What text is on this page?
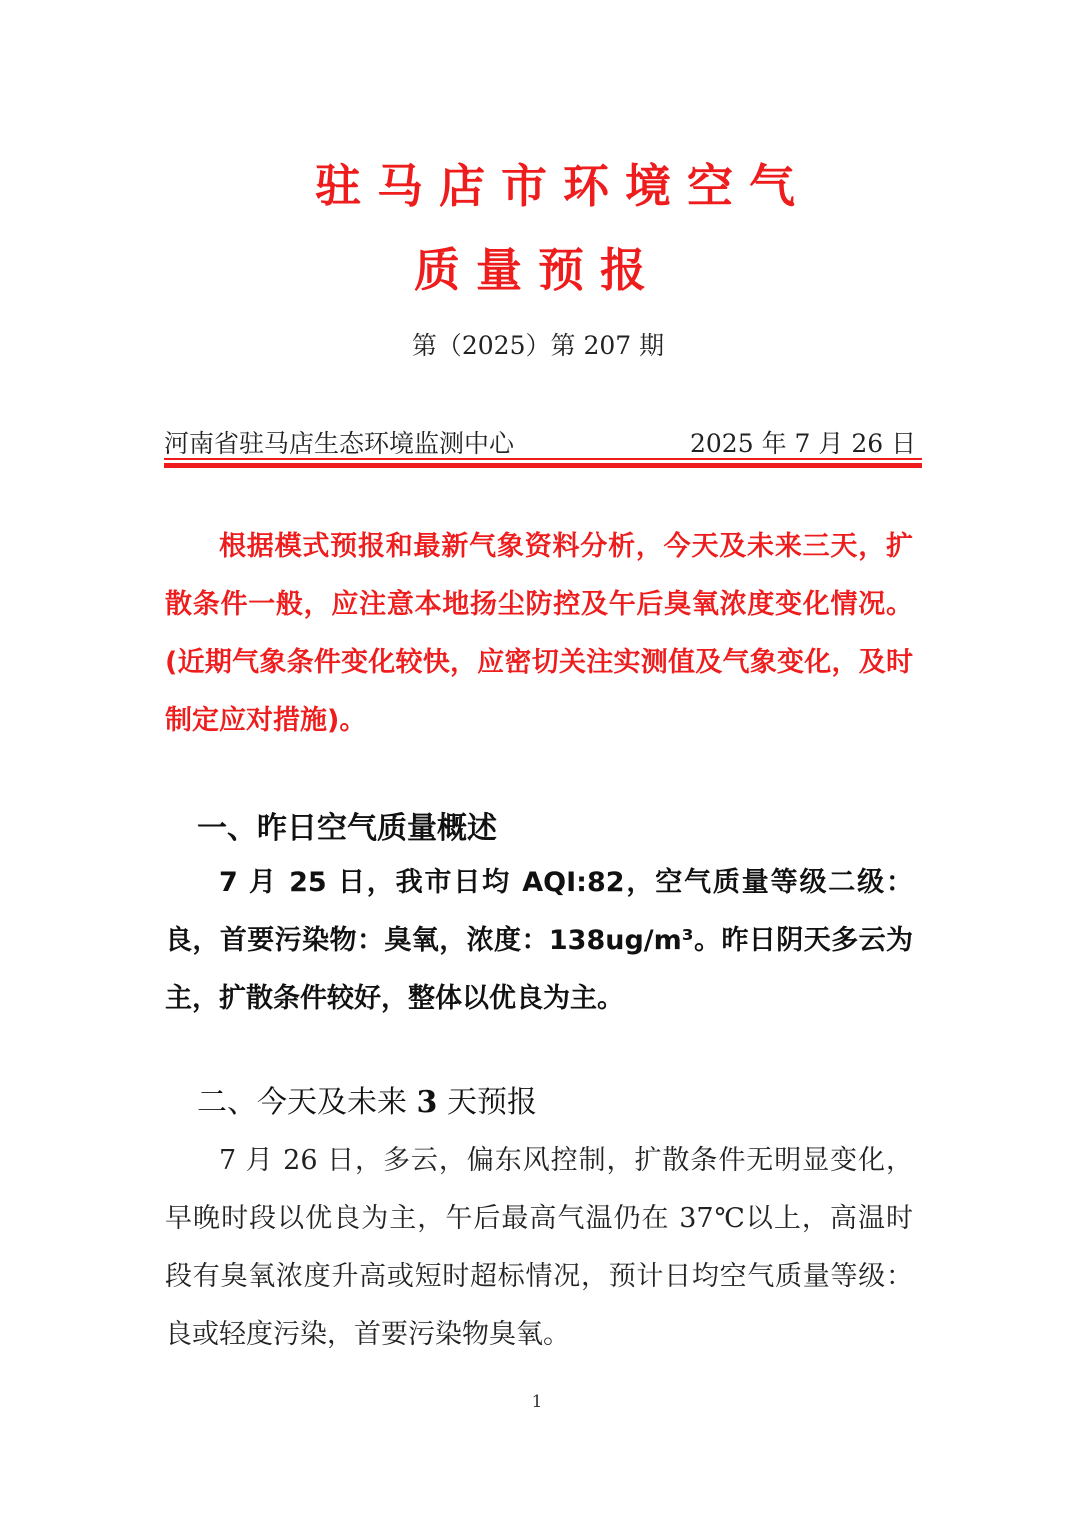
驻马店市环境空气
质量预报
第（2025）第 207 期
河南省驻马店生态环境监测中心	2025 年 7 月 26 日

根据模式预报和最新气象资料分析，今天及未来三天，扩散条件一般，应注意本地扬尘防控及午后臭氧浓度变化情况。(近期气象条件变化较快，应密切关注实测值及气象变化，及时制定应对措施)。

一、昨日空气质量概述

7 月 25 日，我市日均 AQI:82，空气质量等级二级：良，首要污染物：臭氧，浓度：138ug/m³。昨日阴天多云为主，扩散条件较好，整体以优良为主。

二、今天及未来 3 天预报

7 月 26 日，多云，偏东风控制，扩散条件无明显变化，早晚时段以优良为主，午后最高气温仍在 37℃以上，高温时段有臭氧浓度升高或短时超标情况，预计日均空气质量等级：良或轻度污染，首要污染物臭氧。

1
